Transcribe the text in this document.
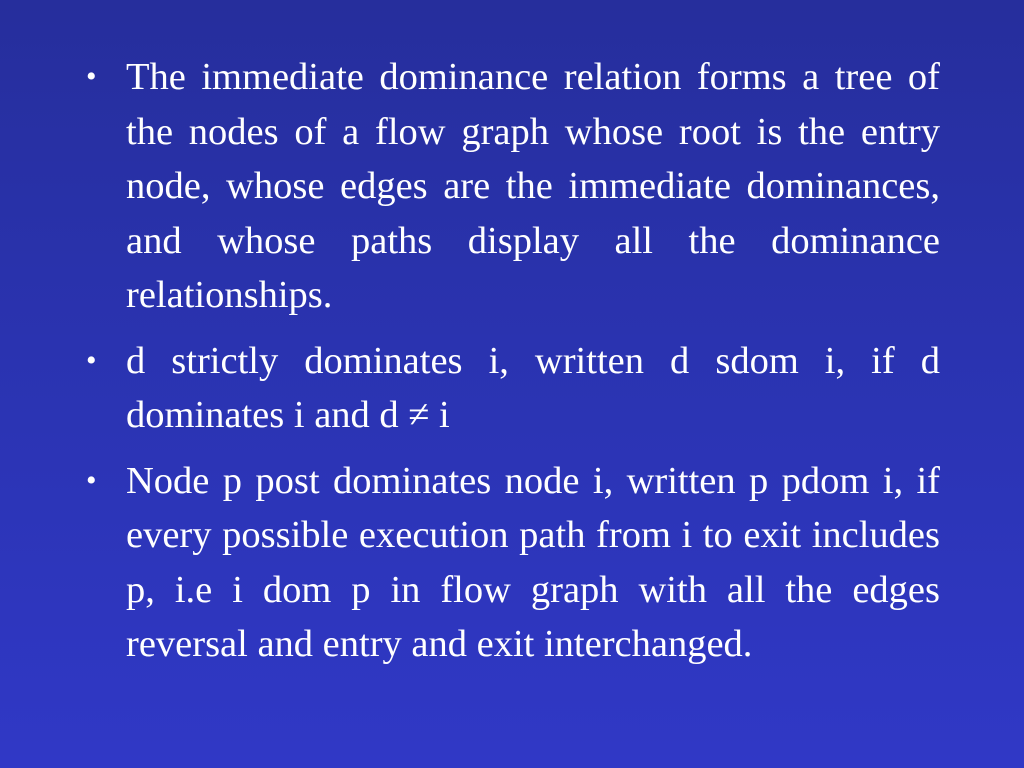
• The immediate dominance relation forms a tree of the nodes of a flow graph whose root is the entry node, whose edges are the immediate dominances, and whose paths display all the dominance relationships.
• d strictly dominates i, written d sdom i, if d dominates i and d ≠ i
• Node p post dominates node i, written p pdom i, if every possible execution path from i to exit includes p, i.e i dom p in flow graph with all the edges reversal and entry and exit interchanged.
